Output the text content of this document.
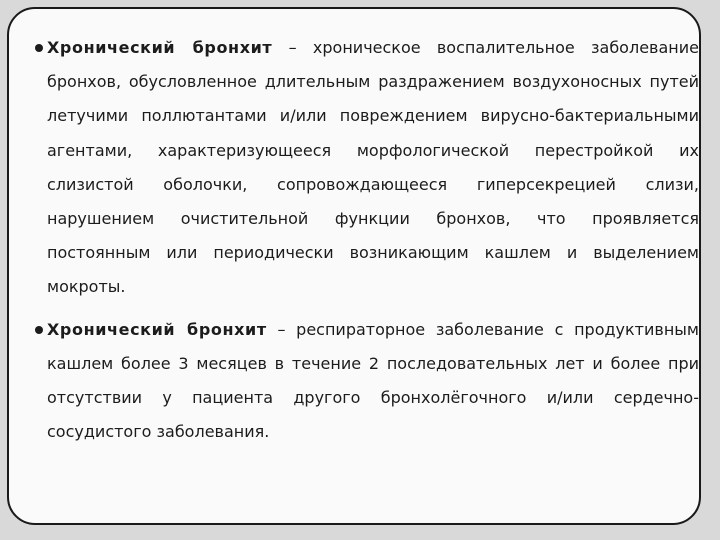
Хронический бронхит – хроническое воспалительное заболевание бронхов, обусловленное длительным раздражением воздухоносных путей летучими поллютантами и/или повреждением вирусно-бактериальными агентами, характеризующееся морфологической перестройкой их слизистой оболочки, сопровождающееся гиперсекрецией слизи, нарушением очистительной функции бронхов, что проявляется постоянным или периодически возникающим кашлем и выделением мокроты.

Хронический бронхит – респираторное заболевание с продуктивным кашлем более 3 месяцев в течение 2 последовательных лет и более при отсутствии у пациента другого бронхолёгочного и/или сердечно-сосудистого заболевания.
